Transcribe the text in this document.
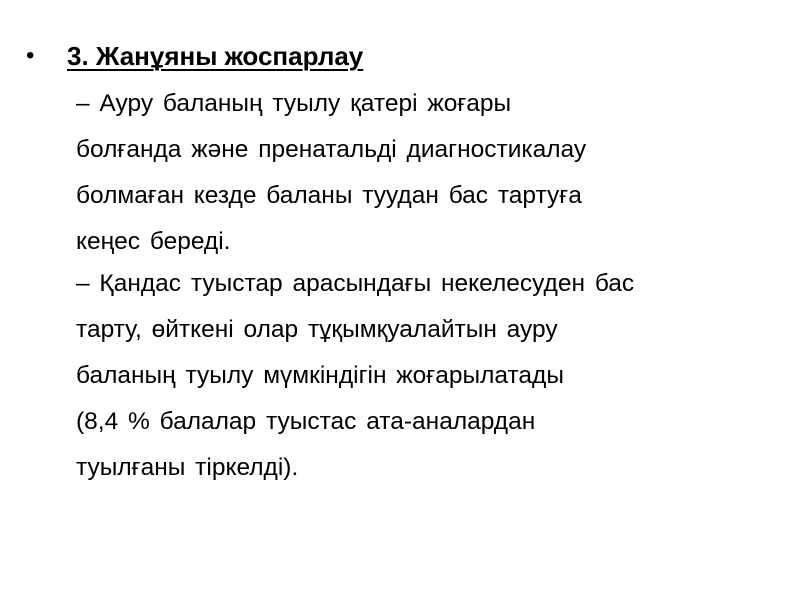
• 3. Жанұяны жоспарлау
– Ауру баланың туылу қатері жоғары
болғанда және пренатальді диагностикалау
болмаған кезде баланы туудан бас тартуға
кеңес береді.
– Қандас туыстар арасындағы некелесуден бас
тарту, өйткені олар тұқымқуалайтын ауру
баланың туылу мүмкіндігін жоғарылатады
(8,4 % балалар туыстас ата-аналардан
туылғаны тіркелді).
